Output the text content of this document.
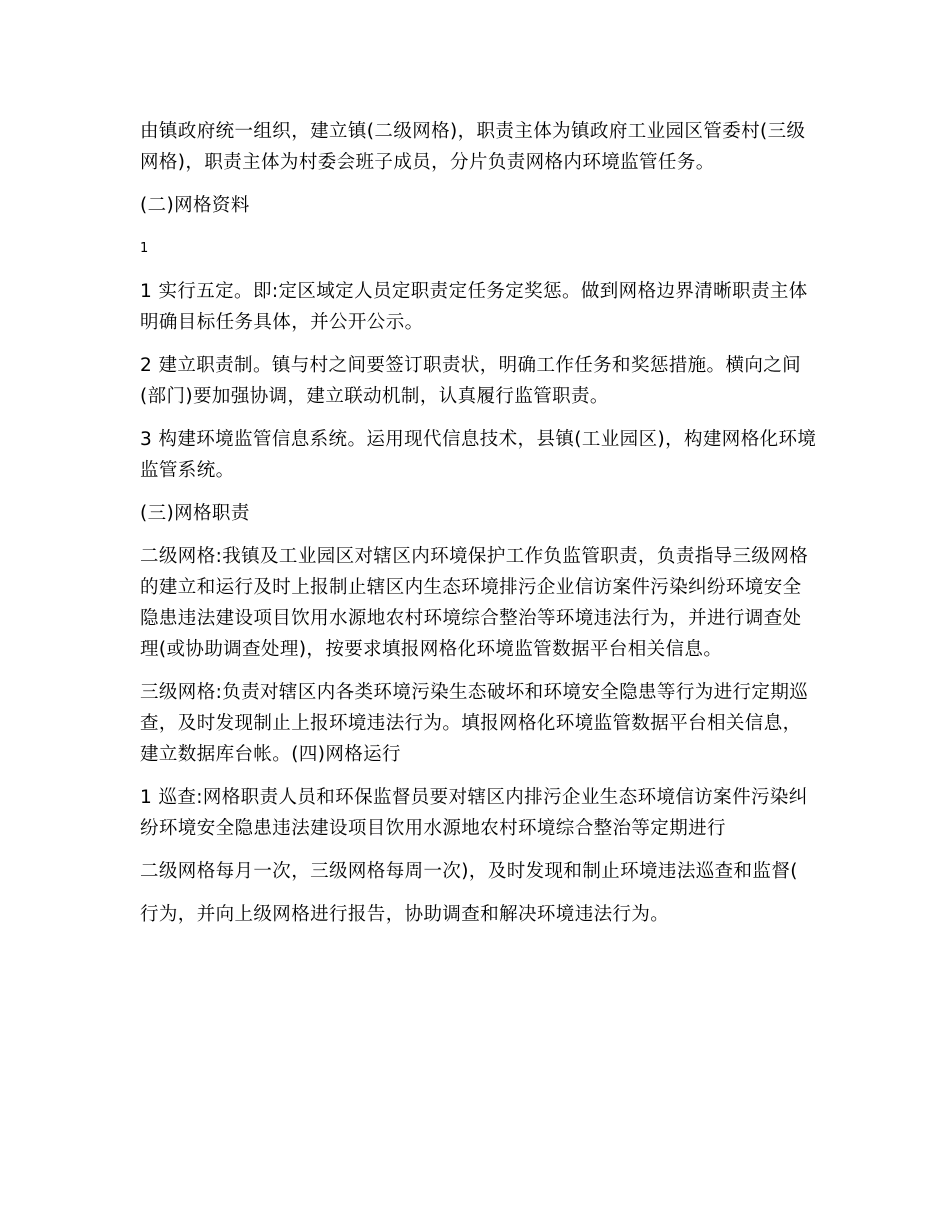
由镇政府统一组织，建立镇(二级网格)，职责主体为镇政府工业园区管委村(三级网格)，职责主体为村委会班子成员，分片负责网格内环境监管任务。

(二)网格资料

1

1 实行五定。即:定区域定人员定职责定任务定奖惩。做到网格边界清晰职责主体明确目标任务具体，并公开公示。

2 建立职责制。镇与村之间要签订职责状，明确工作任务和奖惩措施。横向之间(部门)要加强协调，建立联动机制，认真履行监管职责。

3 构建环境监管信息系统。运用现代信息技术，县镇(工业园区)，构建网格化环境监管系统。

(三)网格职责

二级网格:我镇及工业园区对辖区内环境保护工作负监管职责，负责指导三级网格的建立和运行及时上报制止辖区内生态环境排污企业信访案件污染纠纷环境安全隐患违法建设项目饮用水源地农村环境综合整治等环境违法行为，并进行调查处理(或协助调查处理)，按要求填报网格化环境监管数据平台相关信息。

三级网格:负责对辖区内各类环境污染生态破坏和环境安全隐患等行为进行定期巡查，及时发现制止上报环境违法行为。填报网格化环境监管数据平台相关信息，建立数据库台帐。(四)网格运行

1 巡查:网格职责人员和环保监督员要对辖区内排污企业生态环境信访案件污染纠纷环境安全隐患违法建设项目饮用水源地农村环境综合整治等定期进行

二级网格每月一次，三级网格每周一次)，及时发现和制止环境违法巡查和监督(

行为，并向上级网格进行报告，协助调查和解决环境违法行为。
